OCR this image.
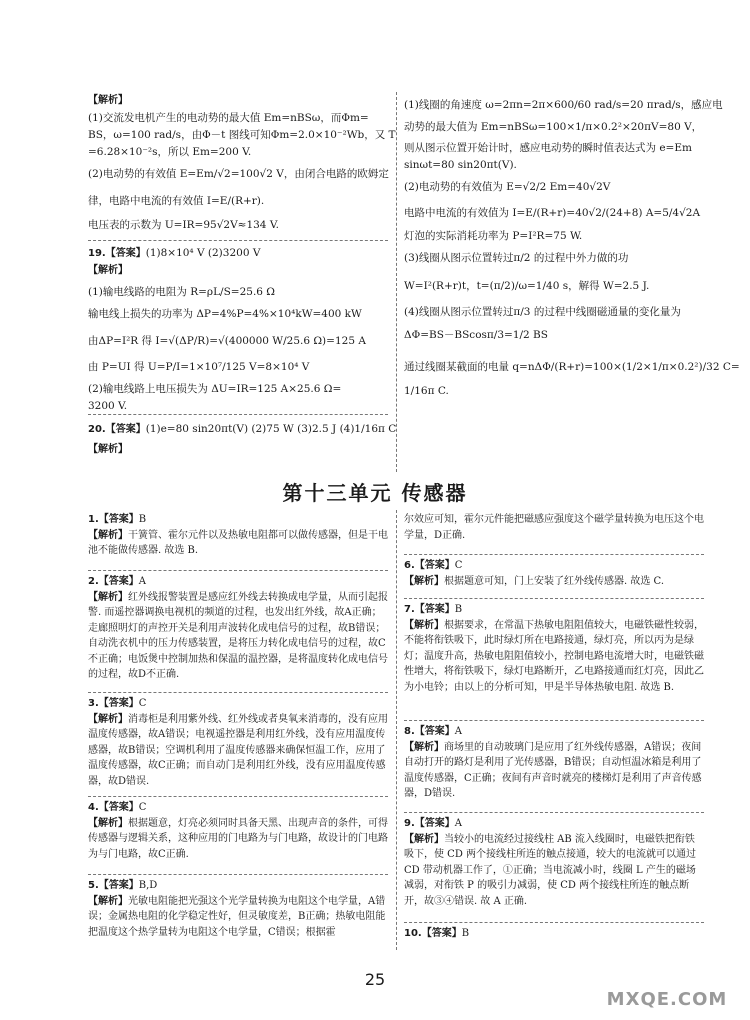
【解析】
(1)交流发电机产生的电动势的最大值 Em=nBSω，而Φm=
BS，ω=100 rad/s，由Φ－t 图线可知Φm=2.0×10⁻²Wb，又 T
=6.28×10⁻²s，所以 Em=200 V.
(2)电动势的有效值 E=Em/√2=100√2 V，由闭合电路的欧姆定
律，电路中电流的有效值 I=E/(R+r).
电压表的示数为 U=IR=95√2V≈134 V.
19.【答案】(1)8×10⁴ V (2)3200 V
【解析】
(1)输电线路的电阻为 R=ρL/S=25.6 Ω
输电线上损失的功率为 ΔP=4%P=4%×10⁴kW=400 kW
由ΔP=I²R 得 I=√(ΔP/R)=√(400000 W/25.6 Ω)=125 A
由 P=UI 得 U=P/I=1×10⁷/125 V=8×10⁴ V
(2)输电线路上电压损失为 ΔU=IR=125 A×25.6 Ω=
3200 V.
20.【答案】(1)e=80 sin20πt(V) (2)75 W (3)2.5 J (4)1/16π C
【解析】
(1)线圈的角速度 ω=2πn=2π×600/60 rad/s=20 πrad/s，感应电
动势的最大值为 Em=nBSω=100×1/π×0.2²×20πV=80 V，
则从图示位置开始计时，感应电动势的瞬时值表达式为 e=Em
sinωt=80 sin20πt(V).
(2)电动势的有效值为 E=√2/2 Em=40√2V
电路中电流的有效值为 I=E/(R+r)=40√2/(24+8) A=5/4√2A
灯泡的实际消耗功率为 P=I²R=75 W.
(3)线圈从图示位置转过π/2 的过程中外力做的功
W=I²(R+r)t，t=(π/2)/ω=1/40 s，解得 W=2.5 J.
(4)线圈从图示位置转过π/3 的过程中线圈磁通量的变化量为
ΔΦ=BS－BScosπ/3=1/2 BS
通过线圈某截面的电量 q=nΔΦ/(R+r)=100×(1/2×1/π×0.2²)/32 C=
1/16π C.
第十三单元 传感器
1.【答案】B
【解析】干簧管、霍尔元件以及热敏电阻都可以做传感器，但是干电池不能做传感器. 故选 B.
2.【答案】A
【解析】红外线报警装置是感应红外线去转换成电学量，从而引起报警. 而遥控器调换电视机的频道的过程，也发出红外线，故A正确；走廊照明灯的声控开关是利用声波转化成电信号的过程，故B错误；自动洗衣机中的压力传感装置，是将压力转化成电信号的过程，故C不正确；电饭煲中控制加热和保温的温控器，是将温度转化成电信号的过程，故D不正确.
3.【答案】C
【解析】消毒柜是利用紫外线、红外线或者臭氧来消毒的，没有应用温度传感器，故A错误；电视遥控器是利用红外线，没有应用温度传感器，故B错误；空调机利用了温度传感器来确保恒温工作，应用了温度传感器，故C正确；而自动门是利用红外线，没有应用温度传感器，故D错误.
4.【答案】C
【解析】根据题意，灯亮必须同时具备天黑、出现声音的条件，可得传感器与逻辑关系，这种应用的门电路为与门电路，故设计的门电路为与门电路，故C正确.
5.【答案】B,D
【解析】光敏电阻能把光强这个光学量转换为电阻这个电学量，A错误；金属热电阻的化学稳定性好，但灵敏度差，B正确；热敏电阻能把温度这个热学量转为电阻这个电学量，C错误；根据霍
尔效应可知，霍尔元件能把磁感应强度这个磁学量转换为电压这个电学量，D正确.
6.【答案】C
【解析】根据题意可知，门上安装了红外线传感器. 故选 C.
7.【答案】B
【解析】根据要求，在常温下热敏电阻阻值较大，电磁铁磁性较弱，不能将衔铁吸下，此时绿灯所在电路接通，绿灯亮，所以丙为是绿灯；温度升高，热敏电阻阻值较小，控制电路电流增大时，电磁铁磁性增大，将衔铁吸下，绿灯电路断开，乙电路接通而红灯亮，因此乙为小电铃；由以上的分析可知，甲是半导体热敏电阻. 故选 B.
8.【答案】A
【解析】商场里的自动玻璃门是应用了红外线传感器，A错误；夜间自动打开的路灯是利用了光传感器，B错误；自动恒温冰箱是利用了温度传感器，C正确；夜间有声音时就亮的楼梯灯是利用了声音传感器，D错误.
9.【答案】A
【解析】当较小的电流经过接线柱 AB 流入线圈时，电磁铁把衔铁吸下，使 CD 两个接线柱所连的触点接通，较大的电流就可以通过 CD 带动机器工作了，①正确；当电流减小时，线圈 L 产生的磁场减弱，对衔铁 P 的吸引力减弱，使 CD 两个接线柱所连的触点断开，故③④错误. 故 A 正确.
10.【答案】B
25
MXQE.COM
